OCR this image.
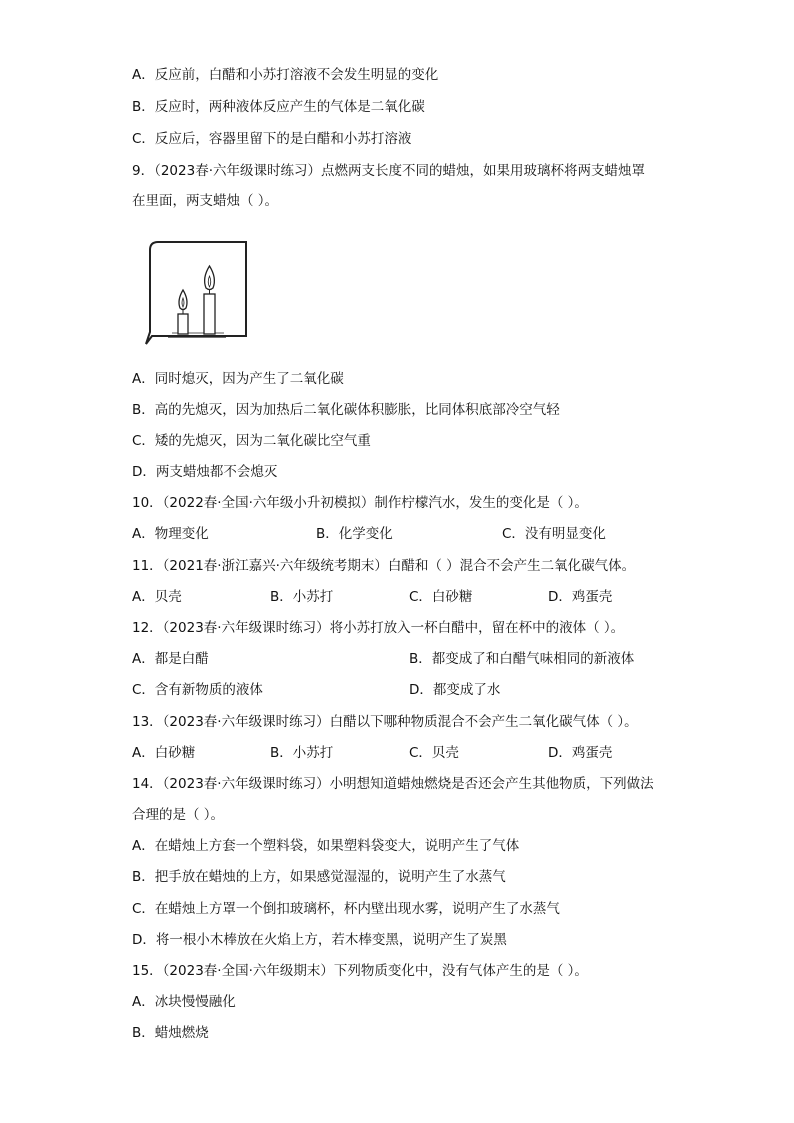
A．反应前，白醋和小苏打溶液不会发生明显的变化
B．反应时，两种液体反应产生的气体是二氧化碳
C．反应后，容器里留下的是白醋和小苏打溶液
9．（2023春·六年级课时练习）点燃两支长度不同的蜡烛，如果用玻璃杯将两支蜡烛罩
在里面，两支蜡烛（ ）。
A．同时熄灭，因为产生了二氧化碳
B．高的先熄灭，因为加热后二氧化碳体积膨胀，比同体积底部冷空气轻
C．矮的先熄灭，因为二氧化碳比空气重
D．两支蜡烛都不会熄灭
10．（2022春·全国·六年级小升初模拟）制作柠檬汽水，发生的变化是（ ）。
A．物理变化	B．化学变化	C．没有明显变化
11．（2021春·浙江嘉兴·六年级统考期末）白醋和（ ）混合不会产生二氧化碳气体。
A．贝壳	B．小苏打	C．白砂糖	D．鸡蛋壳
12．（2023春·六年级课时练习）将小苏打放入一杯白醋中，留在杯中的液体（ ）。
A．都是白醋	B．都变成了和白醋气味相同的新液体
C．含有新物质的液体	D．都变成了水
13．（2023春·六年级课时练习）白醋以下哪种物质混合不会产生二氧化碳气体（ ）。
A．白砂糖	B．小苏打	C．贝壳	D．鸡蛋壳
14．（2023春·六年级课时练习）小明想知道蜡烛燃烧是否还会产生其他物质，下列做法
合理的是（ ）。
A．在蜡烛上方套一个塑料袋，如果塑料袋变大，说明产生了气体
B．把手放在蜡烛的上方，如果感觉湿湿的，说明产生了水蒸气
C．在蜡烛上方罩一个倒扣玻璃杯，杯内壁出现水雾，说明产生了水蒸气
D．将一根小木棒放在火焰上方，若木棒变黑，说明产生了炭黑
15．（2023春·全国·六年级期末）下列物质变化中，没有气体产生的是（ ）。
A．冰块慢慢融化
B．蜡烛燃烧
